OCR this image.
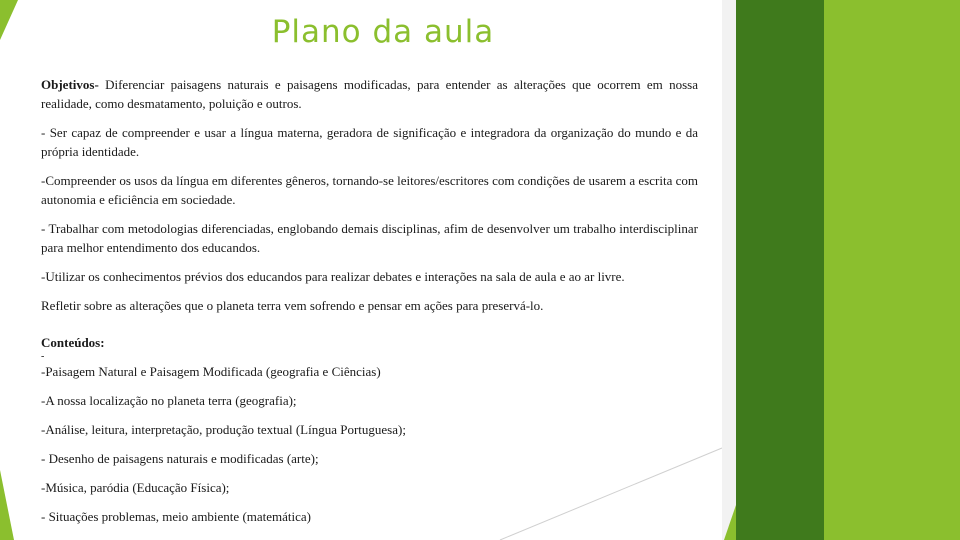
Plano da aula

Objetivos- Diferenciar paisagens naturais e paisagens modificadas, para entender as alterações que ocorrem em nossa realidade, como desmatamento, poluição e outros.

- Ser capaz de compreender e usar a língua materna, geradora de significação e integradora da organização do mundo e da própria identidade.

-Compreender os usos da língua em diferentes gêneros, tornando-se leitores/escritores com condições de usarem a escrita com autonomia e eficiência em sociedade.

- Trabalhar com metodologias diferenciadas, englobando demais disciplinas, afim de desenvolver um trabalho interdisciplinar para melhor entendimento dos educandos.

-Utilizar os conhecimentos prévios dos educandos para realizar debates e interações na sala de aula e ao ar livre.

Refletir sobre as alterações que o planeta terra vem sofrendo e pensar em ações para preservá-lo.

Conteúdos:
-
-Paisagem Natural e Paisagem Modificada (geografia e Ciências)
-A nossa localização no planeta terra (geografia);
-Análise, leitura, interpretação, produção textual (Língua Portuguesa);
- Desenho de paisagens naturais e modificadas (arte);
-Música, paródia (Educação Física);
- Situações problemas, meio ambiente (matemática)
